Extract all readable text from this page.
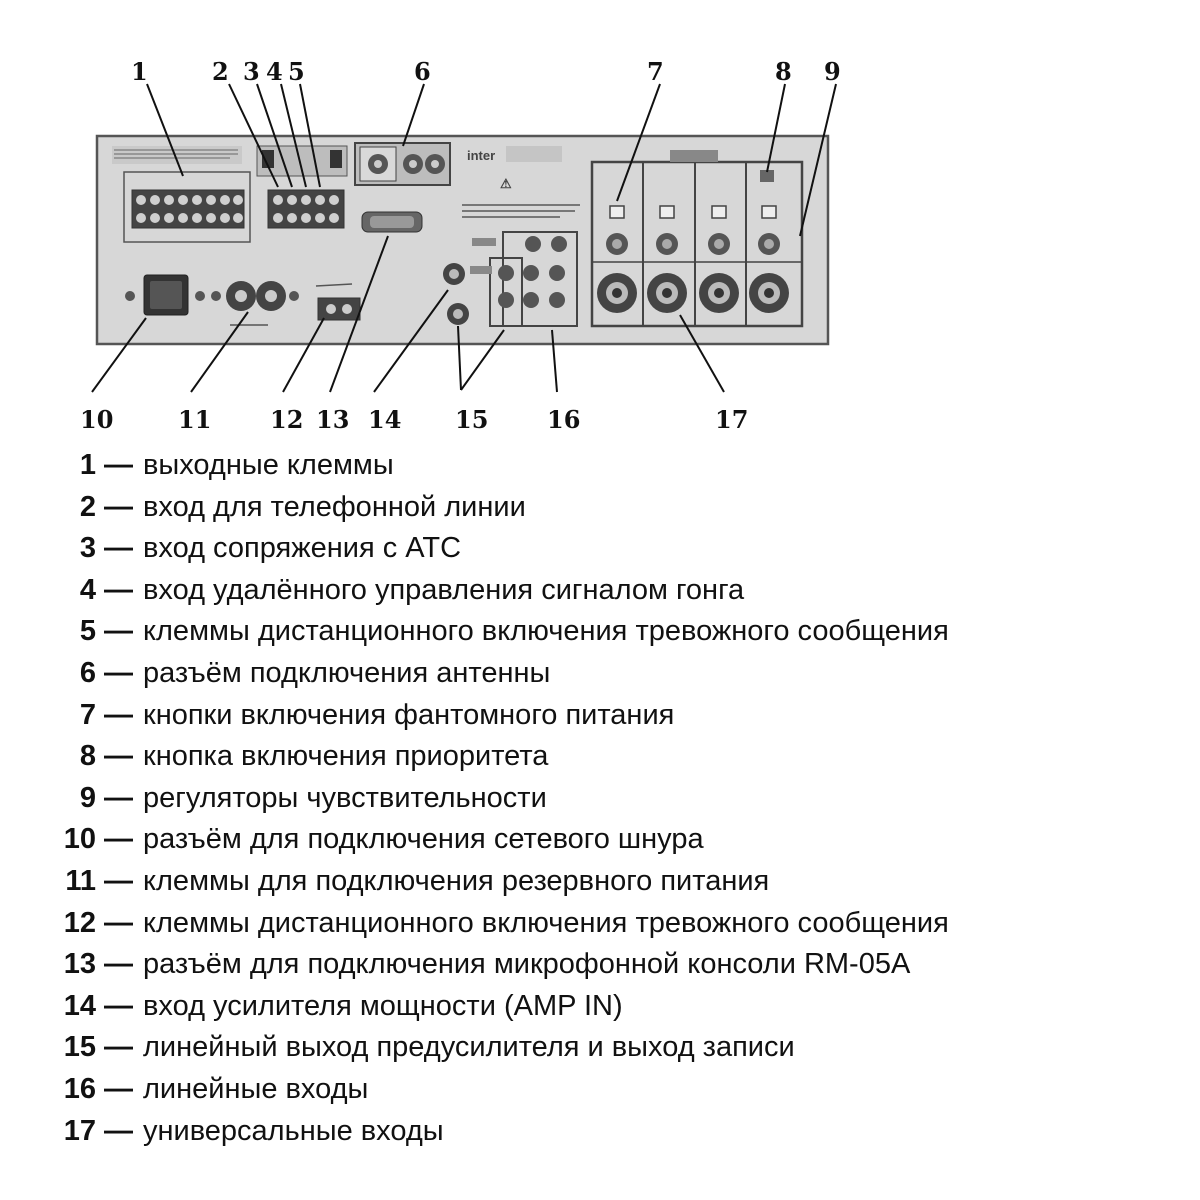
inter
⚠
1	2 3 4 5	6	7	8 9
10	11 12 13 14 15 16	17
1 — выходные клеммы
2 — вход для телефонной линии
3 — вход сопряжения с АТС
4 — вход удалённого управления сигналом гонга
5 — клеммы дистанционного включения тревожного сообщения
6 — разъём подключения антенны
7 — кнопки включения фантомного питания
8 — кнопка включения приоритета
9 — регуляторы чувствительности
10 — разъём для подключения сетевого шнура
11 — клеммы для подключения резервного питания
12 — клеммы дистанционного включения тревожного сообщения
13 — разъём для подключения микрофонной консоли RM-05A
14 — вход усилителя мощности (AMP IN)
15 — линейный выход предусилителя и выход записи
16 — линейные входы
17 — универсальные входы
